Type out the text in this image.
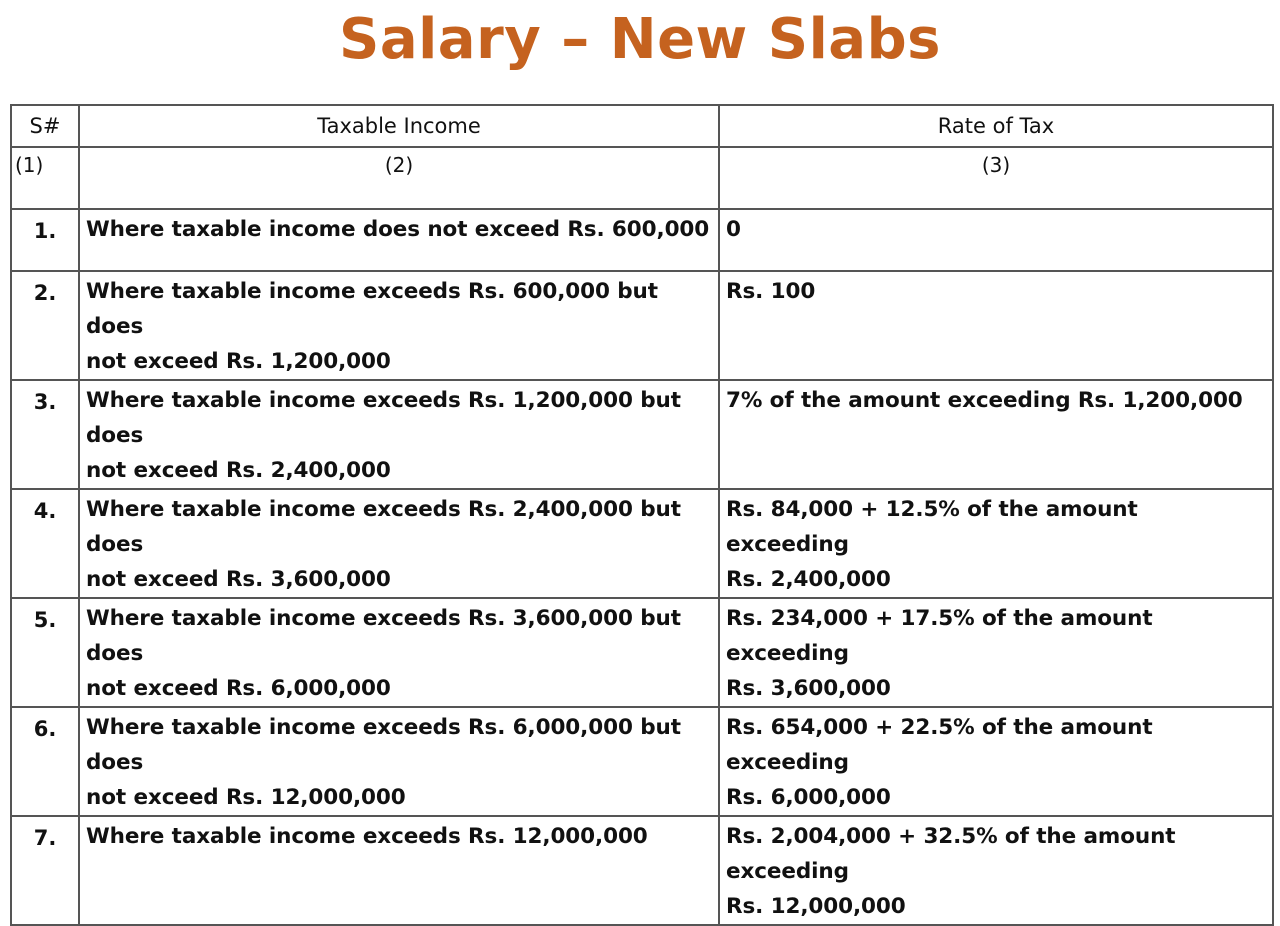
Salary – New Slabs
S#	Taxable Income	Rate of Tax

(1)	(2)	(3)

1.	Where taxable income does not exceed Rs. 600,000	0

2.	Where taxable income exceeds Rs. 600,000 but does
not exceed Rs. 1,200,000	Rs. 100

3.	Where taxable income exceeds Rs. 1,200,000 but does
not exceed Rs. 2,400,000	7% of the amount exceeding Rs. 1,200,000

4.	Where taxable income exceeds Rs. 2,400,000 but does
not exceed Rs. 3,600,000	Rs. 84,000 + 12.5% of the amount exceeding
Rs. 2,400,000

5.	Where taxable income exceeds Rs. 3,600,000 but does
not exceed Rs. 6,000,000	Rs. 234,000 + 17.5% of the amount exceeding
Rs. 3,600,000

6.	Where taxable income exceeds Rs. 6,000,000 but does
not exceed Rs. 12,000,000	Rs. 654,000 + 22.5% of the amount exceeding
Rs. 6,000,000

7.	Where taxable income exceeds Rs. 12,000,000	Rs. 2,004,000 + 32.5% of the amount exceeding
Rs. 12,000,000
